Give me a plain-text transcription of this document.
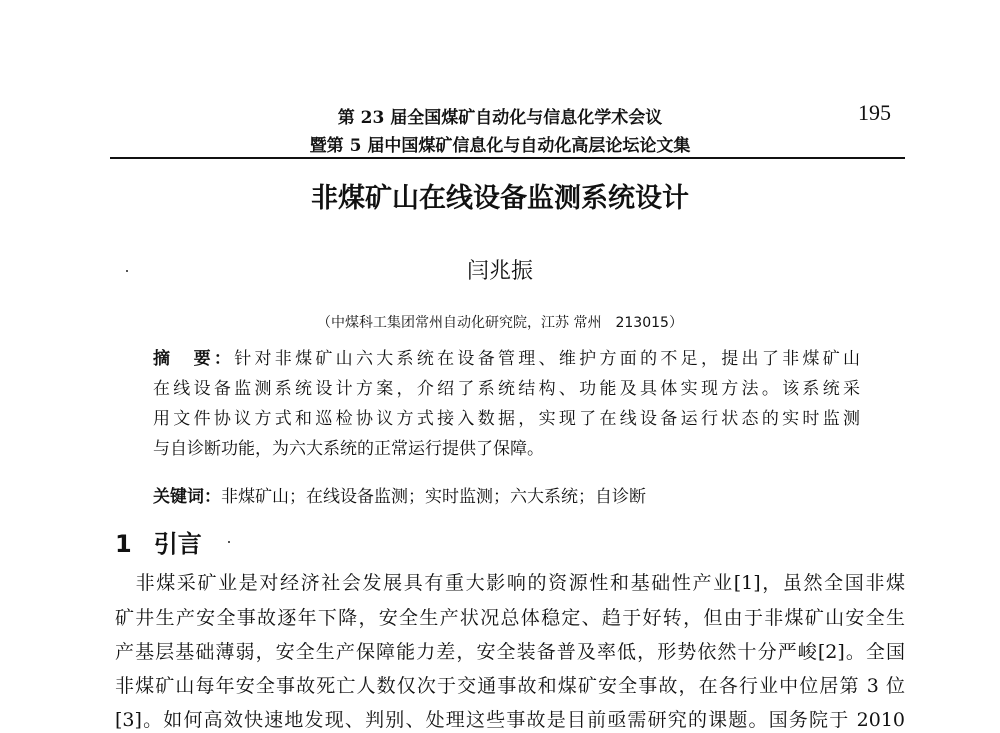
第 23 届全国煤矿自动化与信息化学术会议
暨第 5 届中国煤矿信息化与自动化高层论坛论文集
195
非煤矿山在线设备监测系统设计
闫兆振
（中煤科工集团常州自动化研究院，江苏 常州　213015）
摘　要：针对非煤矿山六大系统在设备管理、维护方面的不足，提出了非煤矿山
在线设备监测系统设计方案，介绍了系统结构、功能及具体实现方法。该系统采
用文件协议方式和巡检协议方式接入数据，实现了在线设备运行状态的实时监测
与自诊断功能，为六大系统的正常运行提供了保障。
关键词：非煤矿山；在线设备监测；实时监测；六大系统；自诊断
1 引言
　非煤采矿业是对经济社会发展具有重大影响的资源性和基础性产业[1]，虽然全国非煤
矿井生产安全事故逐年下降，安全生产状况总体稳定、趋于好转，但由于非煤矿山安全生
产基层基础薄弱，安全生产保障能力差，安全装备普及率低，形势依然十分严峻[2]。全国
非煤矿山每年安全事故死亡人数仅次于交通事故和煤矿安全事故，在各行业中位居第 3 位
[3]。如何高效快速地发现、判别、处理这些事故是目前亟需研究的课题。国务院于 2010
